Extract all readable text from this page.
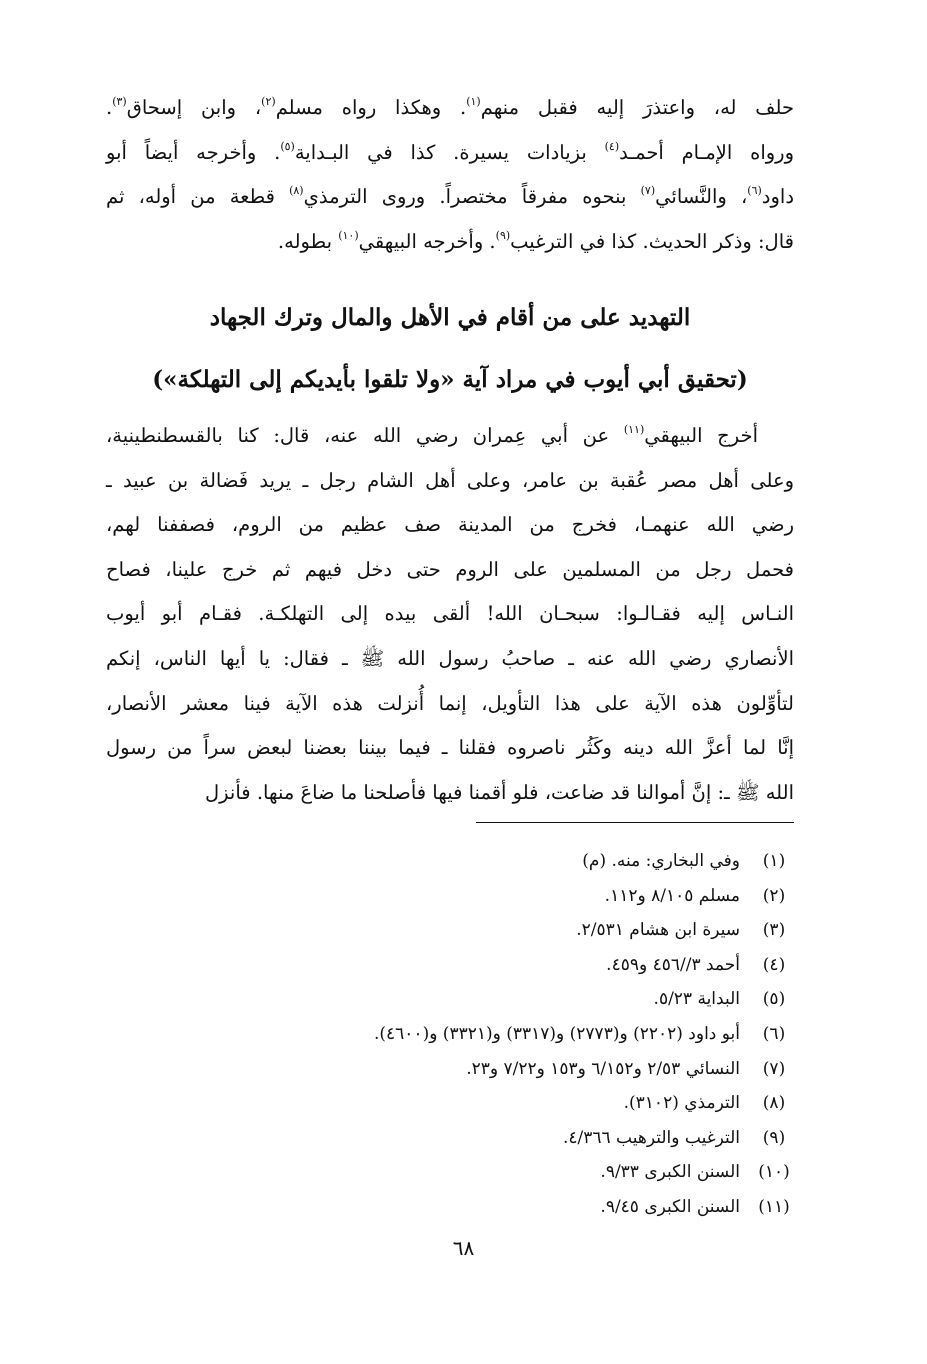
حلف له، واعتذرَ إليه فقبل منهم$^{(١)}$. وهكذا رواه مسلم$^{(٢)}$، وابن إسحاق$^{(٣)}$.
ورواه الإمـام أحمـد$^{(٤)}$ بزيادات يسيرة. كذا في البـداية$^{(٥)}$. وأخرجه أيضاً أبو
داود$^{(٦)}$، والنَّسائي$^{(٧)}$ بنحوه مفرقاً مختصراً. وروى الترمذي$^{(٨)}$ قطعة من أوله، ثم
قال: وذكر الحديث. كذا في الترغيب$^{(٩)}$. وأخرجه البيهقي$^{(١٠)}$ بطوله.

التهديد على من أقام في الأهل والمال وترك الجهاد
(تحقيق أبي أيوب في مراد آية «ولا تلقوا بأيديكم إلى التهلكة»)

أخرج البيهقي$^{(١١)}$ عن أبي عِمران رضي الله عنه، قال: كنا بالقسطنطينية،
وعلى أهل مصر عُقبة بن عامر، وعلى أهل الشام رجل ـ يريد فَضالة بن عبيد ـ
رضي الله عنهمـا، فخرج من المدينة صف عظيم من الروم، فصففنا لهم،
فحمل رجل من المسلمين على الروم حتى دخل فيهم ثم خرج علينا، فصاح
النـاس إليه فقـالـوا: سبحـان الله! ألقى بيده إلى التهلكـة. فقـام أبو أيوب
الأنصاري رضي الله عنه ـ صاحبُ رسول الله ﷺ ـ فقال: يا أيها الناس، إنكم
لتأوِّلون هذه الآية على هذا التأويل، إنما أُنزلت هذه الآية فينا معشر الأنصار،
إنَّا لما أعزَّ الله دينه وكَثُر ناصروه فقلنا ـ فيما بيننا بعضنا لبعض سراً من رسول
الله ﷺ ـ: إنَّ أموالنا قد ضاعت، فلو أقمنا فيها فأصلحنا ما ضاعَ منها. فأنزل

(١)
وفي البخاري: منه. (م)
(٢)
مسلم ٨/١٠٥ و١١٢.
(٣)
سيرة ابن هشام ٢/٥٣١.
(٤)
أحمد ٣//٤٥٦ و٤٥٩.
(٥)
البداية ٥/٢٣.
(٦)
أبو داود (٢٢٠٢) و(٢٧٧٣) و(٣٣١٧) و(٣٣٢١) و(٤٦٠٠).
(٧)
النسائي ٢/٥٣ و٦/١٥٢ و١٥٣ و٧/٢٢ و٢٣.
(٨)
الترمذي (٣١٠٢).
(٩)
الترغيب والترهيب ٤/٣٦٦.
(١٠)
السنن الكبرى ٩/٣٣.
(١١)
السنن الكبرى ٩/٤٥.
٦٨
